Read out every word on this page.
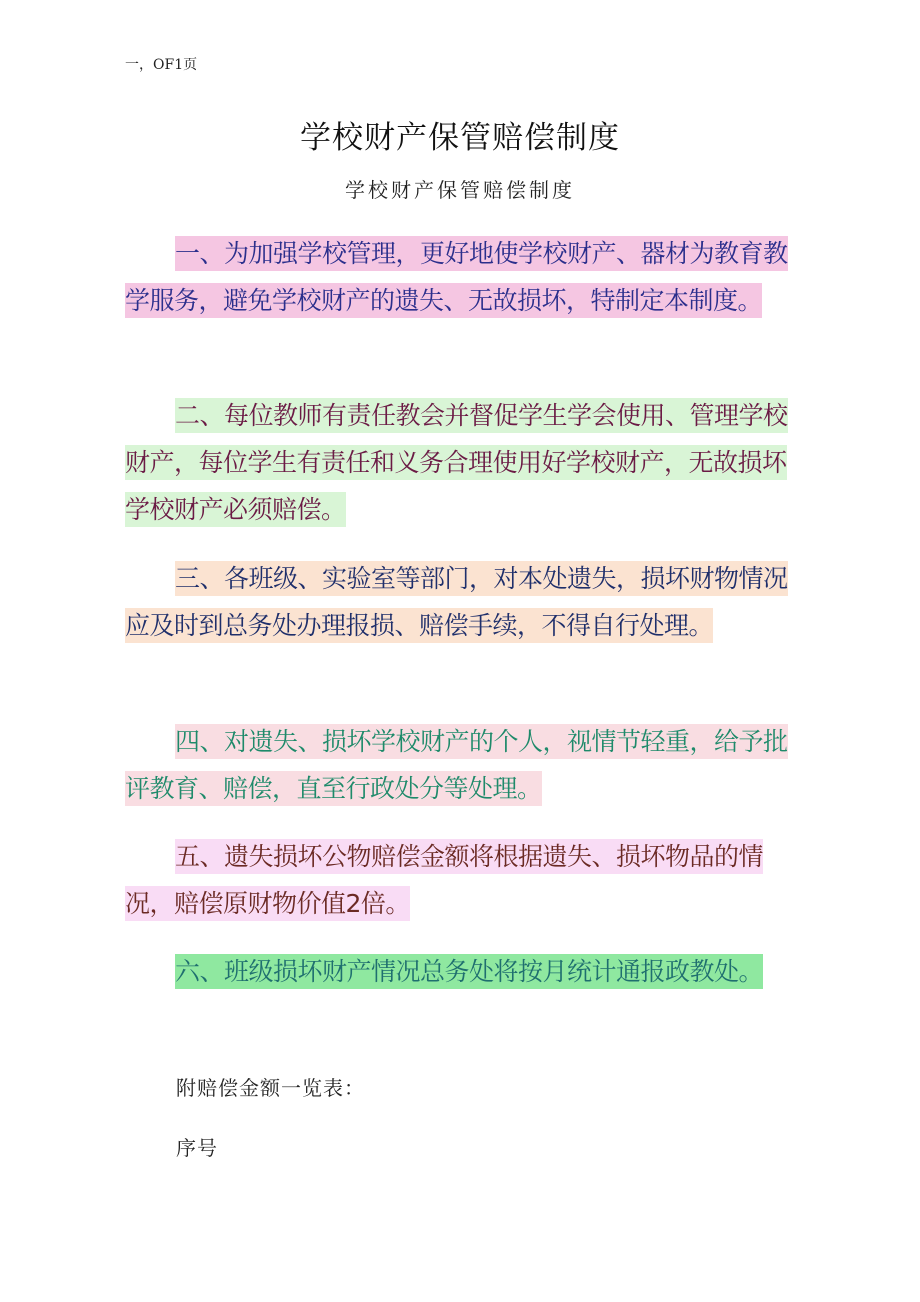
一，OF1页
学校财产保管赔偿制度
学校财产保管赔偿制度

一、为加强学校管理，更好地使学校财产、器材为教育教学服务，避免学校财产的遗失、无故损坏，特制定本制度。

二、每位教师有责任教会并督促学生学会使用、管理学校财产，每位学生有责任和义务合理使用好学校财产，无故损坏学校财产必须赔偿。

三、各班级、实验室等部门，对本处遗失，损坏财物情况应及时到总务处办理报损、赔偿手续，不得自行处理。

四、对遗失、损坏学校财产的个人，视情节轻重，给予批评教育、赔偿，直至行政处分等处理。

五、遗失损坏公物赔偿金额将根据遗失、损坏物品的情况，赔偿原财物价值2倍。

六、班级损坏财产情况总务处将按月统计通报政教处。

附赔偿金额一览表：
序号
